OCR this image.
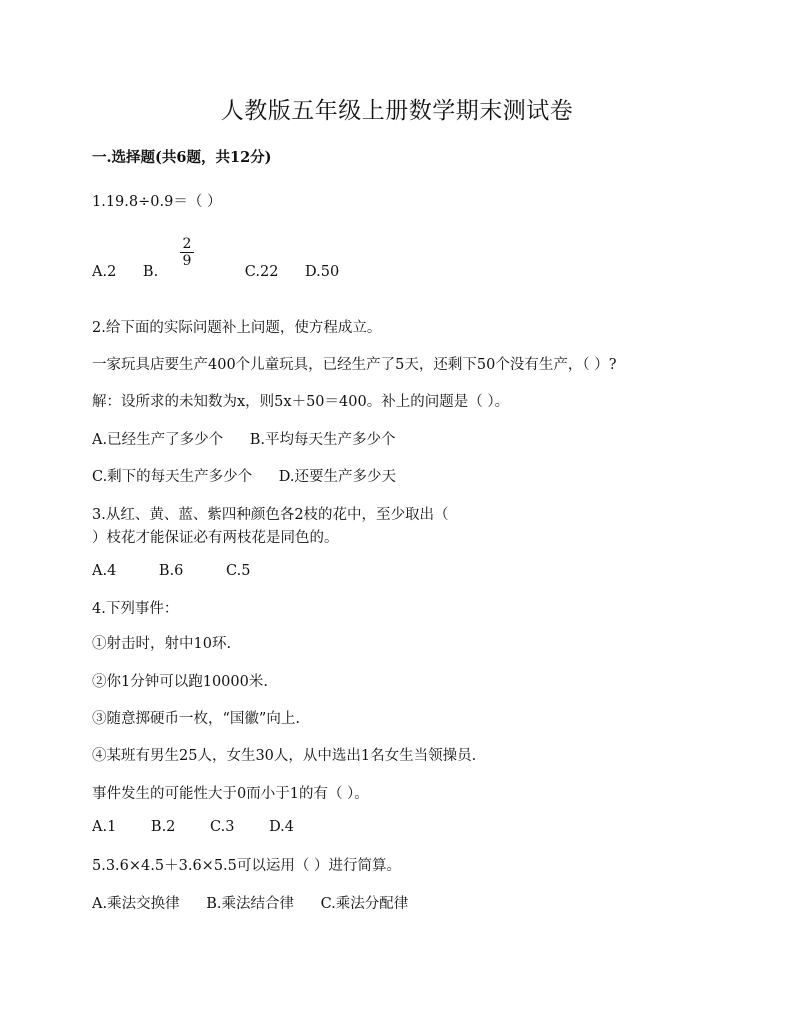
人教版五年级上册数学期末测试卷
一.选择题(共6题，共12分)
1.19.8÷0.9＝（ ）
A.2 B.	C.22 D.50
2
9
2.给下面的实际问题补上问题，使方程成立。
一家玩具店要生产400个儿童玩具，已经生产了5天，还剩下50个没有生产，（ ）?
解：设所求的未知数为x，则5x＋50＝400。补上的问题是（ ）。
A.已经生产了多少个 B.平均每天生产多少个
C.剩下的每天生产多少个 D.还要生产多少天
3.从红、黄、蓝、紫四种颜色各2枝的花中，至少取出（
）枝花才能保证必有两枝花是同色的。
A.4	B.6	C.5
4.下列事件：
①射击时，射中10环.
②你1分钟可以跑10000米.
③随意掷硬币一枚，“国徽”向上.
④某班有男生25人，女生30人，从中选出1名女生当领操员.
事件发生的可能性大于0而小于1的有（ ）。
A.1 B.2 C.3 D.4
5.3.6×4.5＋3.6×5.5可以运用（ ）进行简算。
A.乘法交换律 B.乘法结合律 C.乘法分配律
